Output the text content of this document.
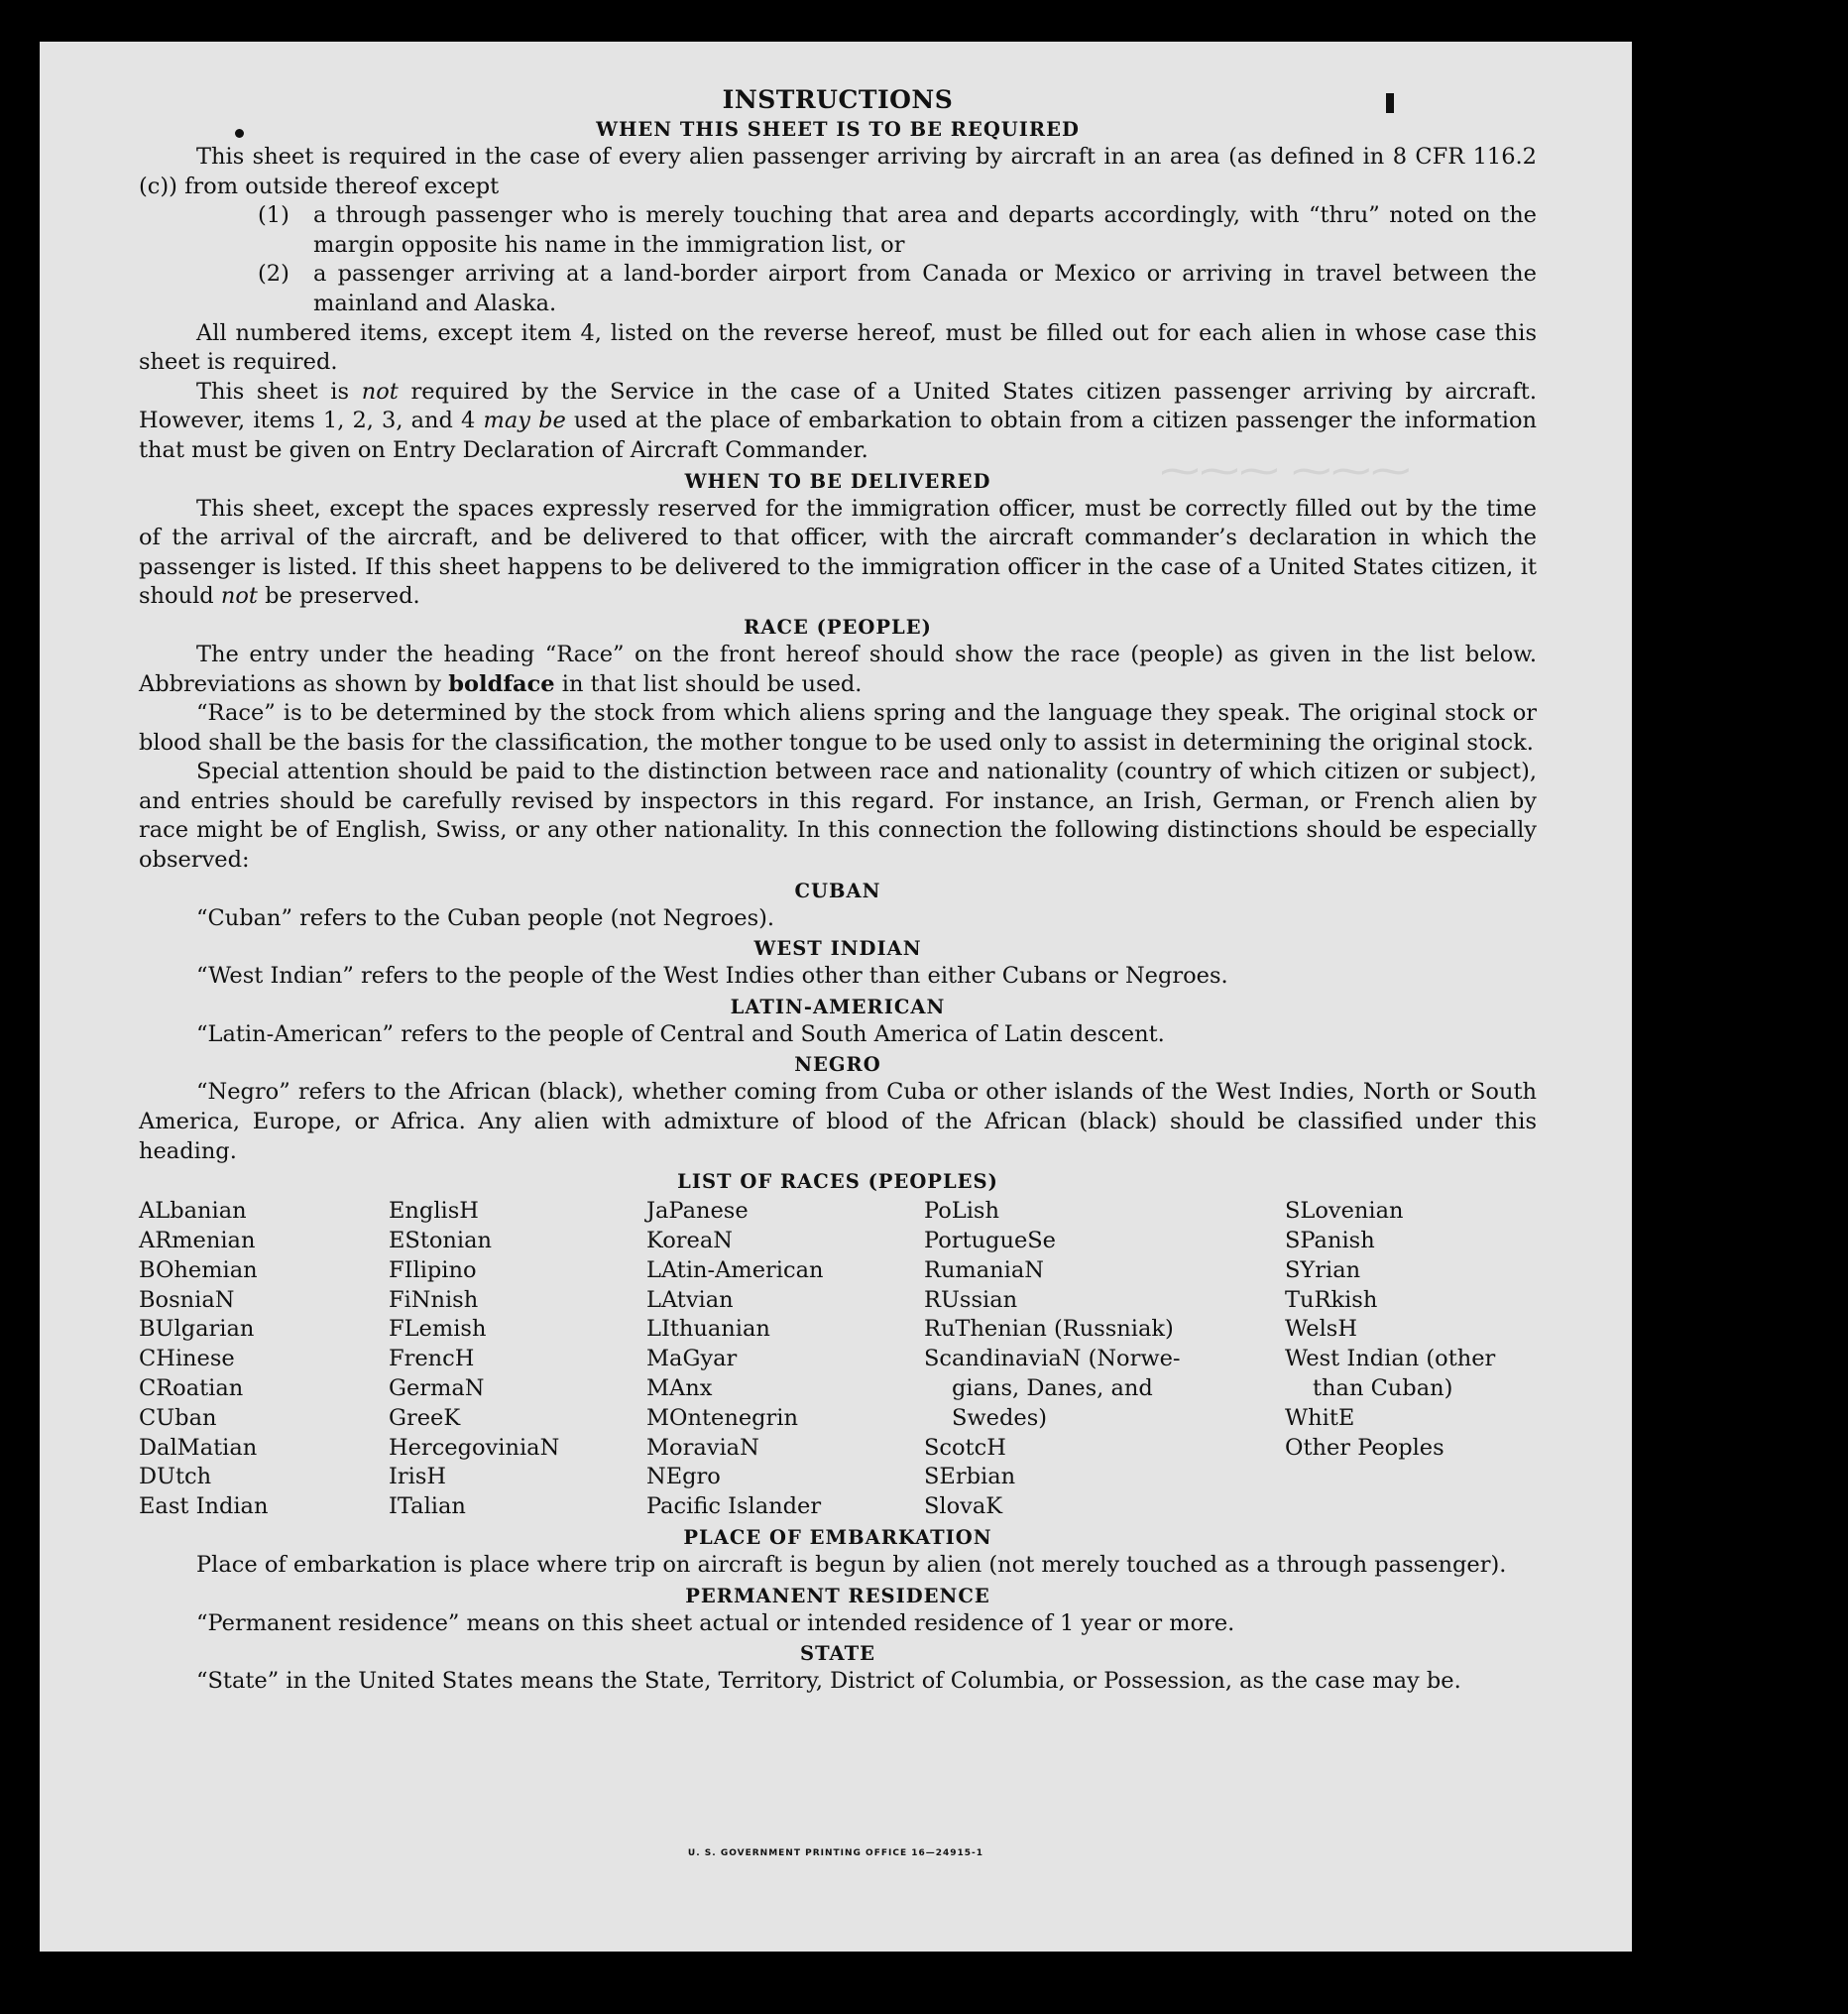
⁓⁓⁓ ⁓⁓⁓
INSTRUCTIONS
WHEN THIS SHEET IS TO BE REQUIRED

This sheet is required in the case of every alien passenger arriving by aircraft in an area (as defined in 8 CFR 116.2 (c)) from outside thereof except

(1)	a through passenger who is merely touching that area and departs accordingly, with “thru” noted on the margin opposite his name in the immigration list, or
(2)	a passenger arriving at a land-border airport from Canada or Mexico or arriving in travel between the mainland and Alaska.

All numbered items, except item 4, listed on the reverse hereof, must be filled out for each alien in whose case this sheet is required.

This sheet is not required by the Service in the case of a United States citizen passenger arriving by aircraft. However, items 1, 2, 3, and 4 may be used at the place of embarkation to obtain from a citizen passenger the information that must be given on Entry Declaration of Aircraft Commander.

WHEN TO BE DELIVERED

This sheet, except the spaces expressly reserved for the immigration officer, must be correctly filled out by the time of the arrival of the aircraft, and be delivered to that officer, with the aircraft commander’s declaration in which the passenger is listed. If this sheet happens to be delivered to the immigration officer in the case of a United States citizen, it should not be preserved.

RACE (PEOPLE)

The entry under the heading “Race” on the front hereof should show the race (people) as given in the list below. Abbreviations as shown by boldface in that list should be used.

“Race” is to be determined by the stock from which aliens spring and the language they speak. The original stock or blood shall be the basis for the classification, the mother tongue to be used only to assist in determining the original stock.

Special attention should be paid to the distinction between race and nationality (country of which citizen or subject), and entries should be carefully revised by inspectors in this regard. For instance, an Irish, German, or French alien by race might be of English, Swiss, or any other nationality. In this connection the following distinctions should be especially observed:

CUBAN

“Cuban” refers to the Cuban people (not Negroes).

WEST INDIAN

“West Indian” refers to the people of the West Indies other than either Cubans or Negroes.

LATIN-AMERICAN

“Latin-American” refers to the people of Central and South America of Latin descent.

NEGRO

“Negro” refers to the African (black), whether coming from Cuba or other islands of the West Indies, North or South America, Europe, or Africa. Any alien with admixture of blood of the African (black) should be classified under this heading.

LIST OF RACES (PEOPLES)
ALbanian
ARmenian
BOhemian
BosniaN
BUlgarian
CHinese
CRoatian
CUban
DalMatian
DUtch
East Indian
EnglisH
EStonian
FIlipino
FiNnish
FLemish
FrencH
GermaN
GreeK
HercegoviniaN
IrisH
ITalian
JaPanese
KoreaN
LAtin-American
LAtvian
LIthuanian
MaGyar
MAnx
MOntenegrin
MoraviaN
NEgro
Pacific Islander
PoLish
PortugueSe
RumaniaN
RUssian
RuThenian (Russniak)
ScandinaviaN (Norwe-
gians, Danes, and
Swedes)
ScotcH
SErbian
SlovaK
SLovenian
SPanish
SYrian
TuRkish
WelsH
West Indian (other
than Cuban)
WhitE
Other Peoples
PLACE OF EMBARKATION

Place of embarkation is place where trip on aircraft is begun by alien (not merely touched as a through passenger).

PERMANENT RESIDENCE

“Permanent residence” means on this sheet actual or intended residence of 1 year or more.

STATE

“State” in the United States means the State, Territory, District of Columbia, or Possession, as the case may be.

U. S. GOVERNMENT PRINTING OFFICE 16—24915-1
